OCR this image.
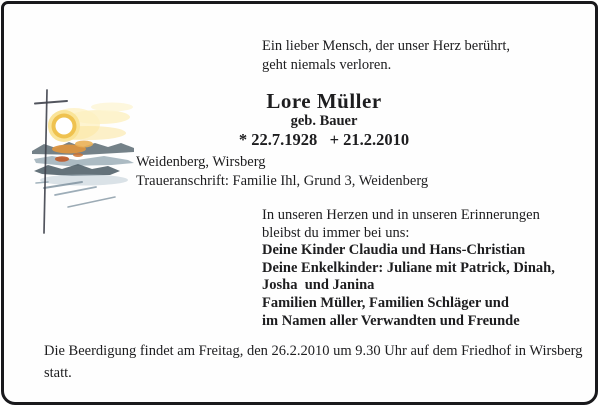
Ein lieber Mensch, der unser Herz berührt,
geht niemals verloren.
Lore Müller
geb. Bauer
* 22.7.1928   + 21.2.2010
Weidenberg, Wirsberg
Traueranschrift: Familie Ihl, Grund 3, Weidenberg
In unseren Herzen und in unseren Erinnerungen
bleibst du immer bei uns:
Deine Kinder Claudia und Hans-Christian
Deine Enkelkinder: Juliane mit Patrick, Dinah,
Josha  und Janina
Familien Müller, Familien Schläger und
im Namen aller Verwandten und Freunde
Die Beerdigung findet am Freitag, den 26.2.2010 um 9.30 Uhr auf dem Friedhof in Wirsberg
statt.
